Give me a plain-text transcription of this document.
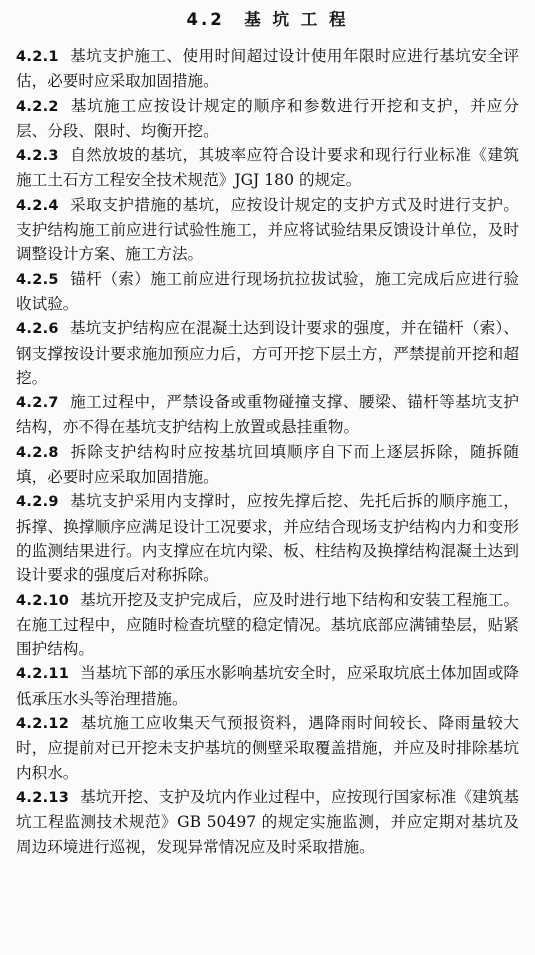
4.2　基 坑 工 程

4.2.1 基坑支护施工、使用时间超过设计使用年限时应进行基坑安全评估，必要时应采取加固措施。

4.2.2 基坑施工应按设计规定的顺序和参数进行开挖和支护，并应分层、分段、限时、均衡开挖。

4.2.3 自然放坡的基坑，其坡率应符合设计要求和现行行业标准《建筑施工土石方工程安全技术规范》JGJ 180 的规定。

4.2.4 采取支护措施的基坑，应按设计规定的支护方式及时进行支护。支护结构施工前应进行试验性施工，并应将试验结果反馈设计单位，及时调整设计方案、施工方法。

4.2.5 锚杆（索）施工前应进行现场抗拉拔试验，施工完成后应进行验收试验。

4.2.6 基坑支护结构应在混凝土达到设计要求的强度，并在锚杆（索）、钢支撑按设计要求施加预应力后，方可开挖下层土方，严禁提前开挖和超挖。

4.2.7 施工过程中，严禁设备或重物碰撞支撑、腰梁、锚杆等基坑支护结构，亦不得在基坑支护结构上放置或悬挂重物。

4.2.8 拆除支护结构时应按基坑回填顺序自下而上逐层拆除，随拆随填，必要时应采取加固措施。

4.2.9 基坑支护采用内支撑时，应按先撑后挖、先托后拆的顺序施工，拆撑、换撑顺序应满足设计工况要求，并应结合现场支护结构内力和变形的监测结果进行。内支撑应在坑内梁、板、柱结构及换撑结构混凝土达到设计要求的强度后对称拆除。

4.2.10 基坑开挖及支护完成后，应及时进行地下结构和安装工程施工。在施工过程中，应随时检查坑壁的稳定情况。基坑底部应满铺垫层，贴紧围护结构。

4.2.11 当基坑下部的承压水影响基坑安全时，应采取坑底土体加固或降低承压水头等治理措施。

4.2.12 基坑施工应收集天气预报资料，遇降雨时间较长、降雨量较大时，应提前对已开挖未支护基坑的侧壁采取覆盖措施，并应及时排除基坑内积水。

4.2.13 基坑开挖、支护及坑内作业过程中，应按现行国家标准《建筑基坑工程监测技术规范》GB 50497 的规定实施监测，并应定期对基坑及周边环境进行巡视，发现异常情况应及时采取措施。
